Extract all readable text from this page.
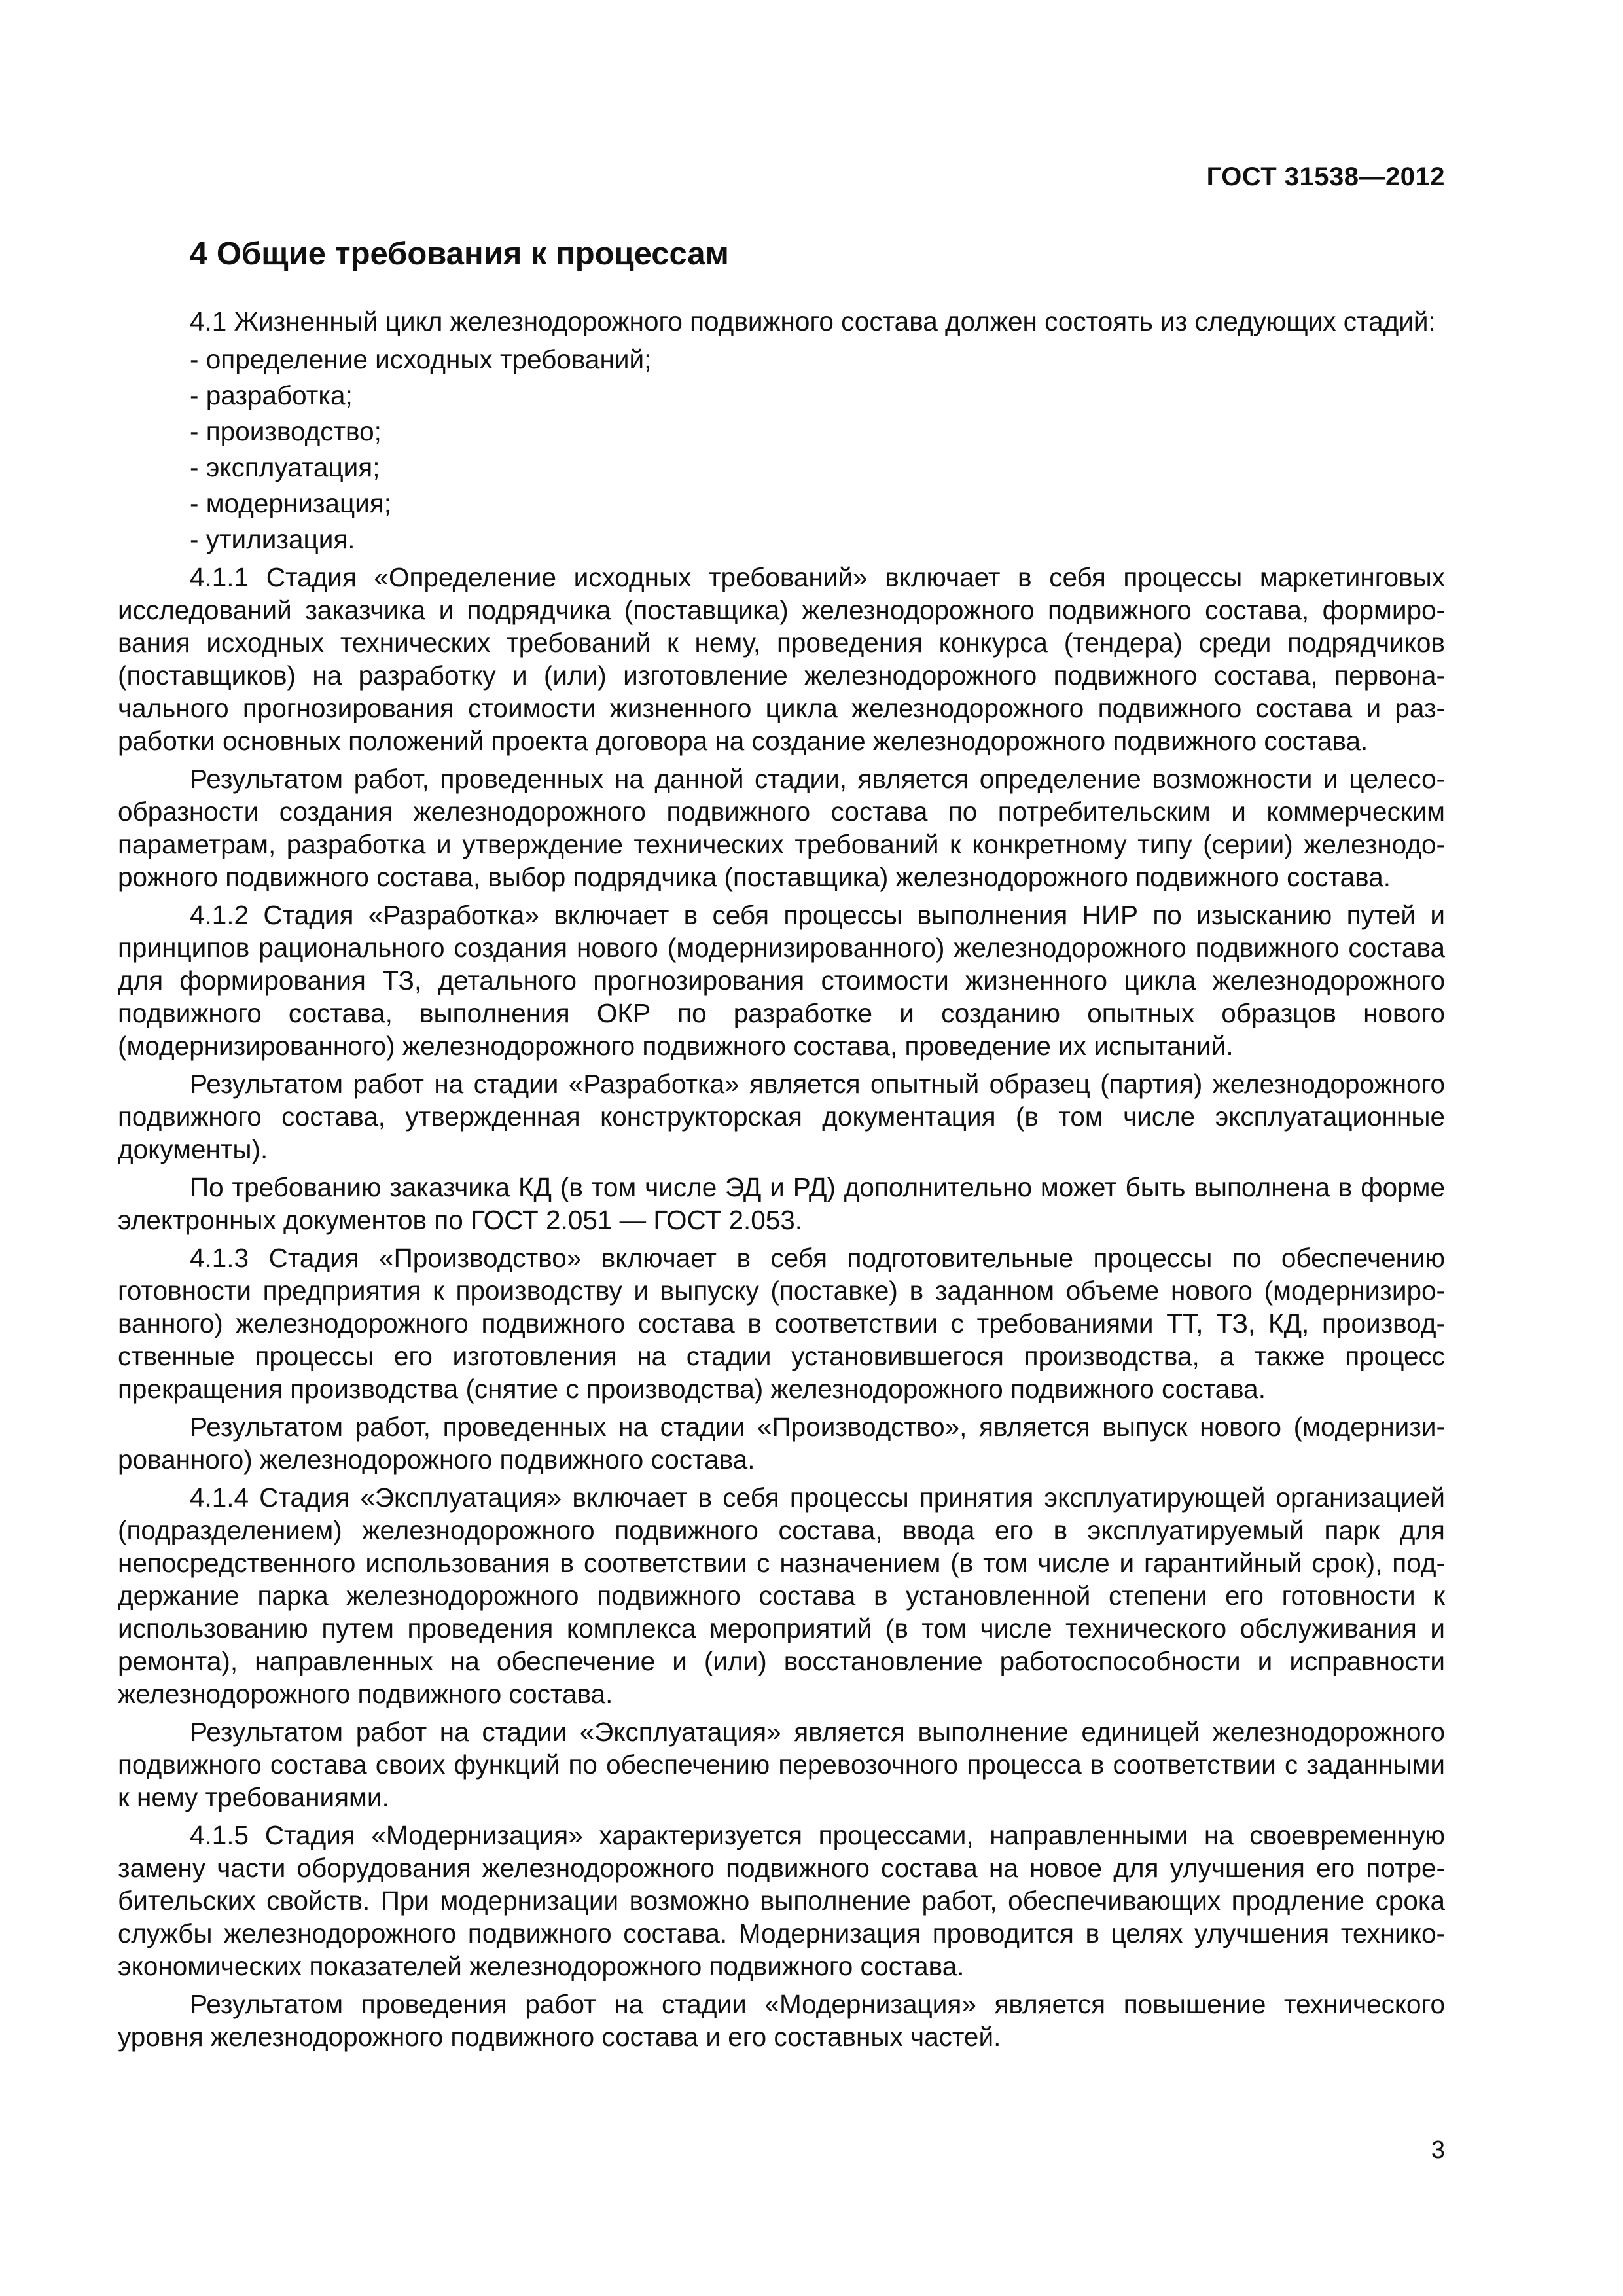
ГОСТ 31538—2012
4 Общие требования к процессам

4.1 Жизненный цикл железнодорожного подвижного состава должен состоять из следующих стадий:

- определение исходных требований;
- разработка;
- производство;
- эксплуатация;
- модернизация;
- утилизация.

4.1.1 Стадия «Определение исходных требований» включает в себя процессы маркетинговых исследований заказчика и подрядчика (поставщика) железнодорожного подвижного состава, формирования исходных технических требований к нему, проведения конкурса (тендера) среди подрядчиков (поставщиков) на разработку и (или) изготовление железнодорожного подвижного состава, первоначального прогнозирования стоимости жизненного цикла железнодорожного подвижного состава и разработки основных положений проекта договора на создание железнодорожного подвижного состава.

Результатом работ, проведенных на данной стадии, является определение возможности и целесообразности создания железнодорожного подвижного состава по потребительским и коммерческим параметрам, разработка и утверждение технических требований к конкретному типу (серии) железнодорожного подвижного состава, выбор подрядчика (поставщика) железнодорожного подвижного состава.

4.1.2 Стадия «Разработка» включает в себя процессы выполнения НИР по изысканию путей и принципов рационального создания нового (модернизированного) железнодорожного подвижного состава для формирования ТЗ, детального прогнозирования стоимости жизненного цикла железнодорожного подвижного состава, выполнения ОКР по разработке и созданию опытных образцов нового (модернизированного) железнодорожного подвижного состава, проведение их испытаний.

Результатом работ на стадии «Разработка» является опытный образец (партия) железнодорожного подвижного состава, утвержденная конструкторская документация (в том числе эксплуатационные документы).

По требованию заказчика КД (в том числе ЭД и РД) дополнительно может быть выполнена в форме электронных документов по ГОСТ 2.051 — ГОСТ 2.053.

4.1.3 Стадия «Производство» включает в себя подготовительные процессы по обеспечению готовности предприятия к производству и выпуску (поставке) в заданном объеме нового (модернизированного) железнодорожного подвижного состава в соответствии с требованиями ТТ, ТЗ, КД, производственные процессы его изготовления на стадии установившегося производства, а также процесс прекращения производства (снятие с производства) железнодорожного подвижного состава.

Результатом работ, проведенных на стадии «Производство», является выпуск нового (модернизированного) железнодорожного подвижного состава.

4.1.4 Стадия «Эксплуатация» включает в себя процессы принятия эксплуатирующей организацией (подразделением) железнодорожного подвижного состава, ввода его в эксплуатируемый парк для непосредственного использования в соответствии с назначением (в том числе и гарантийный срок), поддержание парка железнодорожного подвижного состава в установленной степени его готовности к использованию путем проведения комплекса мероприятий (в том числе технического обслуживания и ремонта), направленных на обеспечение и (или) восстановление работоспособности и исправности железнодорожного подвижного состава.

Результатом работ на стадии «Эксплуатация» является выполнение единицей железнодорожного подвижного состава своих функций по обеспечению перевозочного процесса в соответствии с заданными к нему требованиями.

4.1.5 Стадия «Модернизация» характеризуется процессами, направленными на своевременную замену части оборудования железнодорожного подвижного состава на новое для улучшения его потребительских свойств. При модернизации возможно выполнение работ, обеспечивающих продление срока службы железнодорожного подвижного состава. Модернизация проводится в целях улучшения технико-экономических показателей железнодорожного подвижного состава.

Результатом проведения работ на стадии «Модернизация» является повышение технического уровня железнодорожного подвижного состава и его составных частей.

3
